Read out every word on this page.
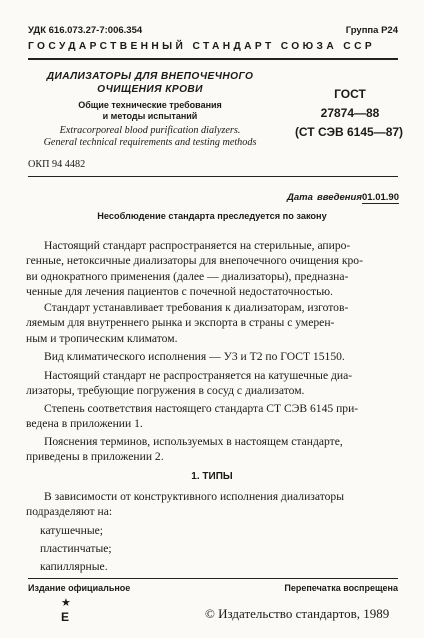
УДК 616.073.27-7:006.354	Группа Р24
ГОСУДАРСТВЕННЫЙ СТАНДАРТ СОЮЗА ССР
ДИАЛИЗАТОРЫ ДЛЯ ВНЕПОЧЕЧНОГО
ОЧИЩЕНИЯ КРОВИ
Общие технические требования
и методы испытаний
Extracorporeal blood purification dialyzers.
General technical requirements and testing methods
ГОСТ
27874—88
(СТ СЭВ 6145—87)
ОКП 94 4482
Дата введения 01.01.90
Несоблюдение стандарта преследуется по закону
Настоящий стандарт распространяется на стерильные, апиро-
генные, нетоксичные диализаторы для внепочечного очищения кро-
ви однократного применения (далее — диализаторы), предназна-
ченные для лечения пациентов с почечной недостаточностью.
Стандарт устанавливает требования к диализаторам, изготов-
ляемым для внутреннего рынка и экспорта в страны с умерен-
ным и тропическим климатом.
Вид климатического исполнения — У3 и Т2 по ГОСТ 15150.
Настоящий стандарт не распространяется на катушечные диа-
лизаторы, требующие погружения в сосуд с диализатом.
Степень соответствия настоящего стандарта СТ СЭВ 6145 при-
ведена в приложении 1.
Пояснения терминов, используемых в настоящем стандарте,
приведены в приложении 2.
1. ТИПЫ
В зависимости от конструктивного исполнения диализаторы
подразделяют на:
катушечные;
пластинчатые;
капиллярные.
Издание официальное	Перепечатка воспрещена
★
Е	© Издательство стандартов, 1989
